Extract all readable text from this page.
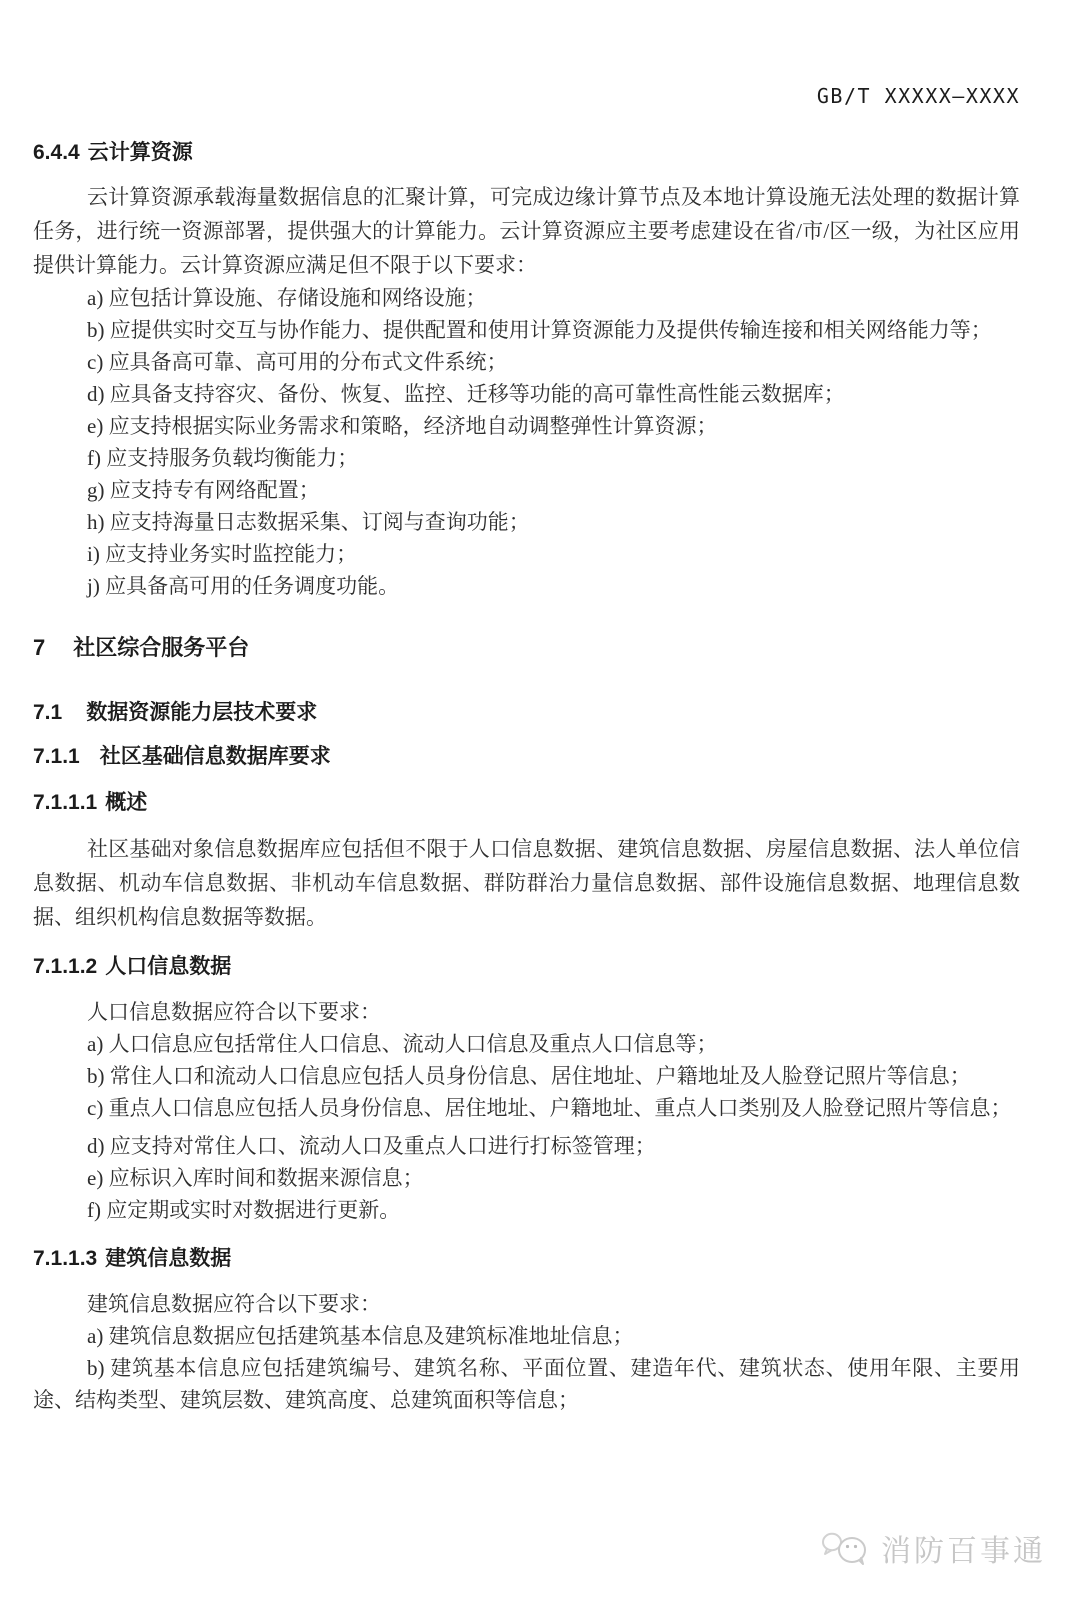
GB/T XXXXX—XXXX
6.4.4 云计算资源

云计算资源承载海量数据信息的汇聚计算，可完成边缘计算节点及本地计算设施无法处理的数据计算任务，进行统一资源部署，提供强大的计算能力。云计算资源应主要考虑建设在省/市/区一级，为社区应用提供计算能力。云计算资源应满足但不限于以下要求：

a) 应包括计算设施、存储设施和网络设施；

b) 应提供实时交互与协作能力、提供配置和使用计算资源能力及提供传输连接和相关网络能力等；

c) 应具备高可靠、高可用的分布式文件系统；

d) 应具备支持容灾、备份、恢复、监控、迁移等功能的高可靠性高性能云数据库；

e) 应支持根据实际业务需求和策略，经济地自动调整弹性计算资源；

f) 应支持服务负载均衡能力；

g) 应支持专有网络配置；

h) 应支持海量日志数据采集、订阅与查询功能；

i) 应支持业务实时监控能力；

j) 应具备高可用的任务调度功能。

7 社区综合服务平台
7.1 数据资源能力层技术要求
7.1.1 社区基础信息数据库要求
7.1.1.1 概述

社区基础对象信息数据库应包括但不限于人口信息数据、建筑信息数据、房屋信息数据、法人单位信息数据、机动车信息数据、非机动车信息数据、群防群治力量信息数据、部件设施信息数据、地理信息数据、组织机构信息数据等数据。

7.1.1.2 人口信息数据

人口信息数据应符合以下要求：

a) 人口信息应包括常住人口信息、流动人口信息及重点人口信息等；

b) 常住人口和流动人口信息应包括人员身份信息、居住地址、户籍地址及人脸登记照片等信息；

c) 重点人口信息应包括人员身份信息、居住地址、户籍地址、重点人口类别及人脸登记照片等信息；

d) 应支持对常住人口、流动人口及重点人口进行打标签管理；

e) 应标识入库时间和数据来源信息；

f) 应定期或实时对数据进行更新。

7.1.1.3 建筑信息数据

建筑信息数据应符合以下要求：

a) 建筑信息数据应包括建筑基本信息及建筑标准地址信息；

b) 建筑基本信息应包括建筑编号、建筑名称、平面位置、建造年代、建筑状态、使用年限、主要用途、结构类型、建筑层数、建筑高度、总建筑面积等信息；

消防百事通
